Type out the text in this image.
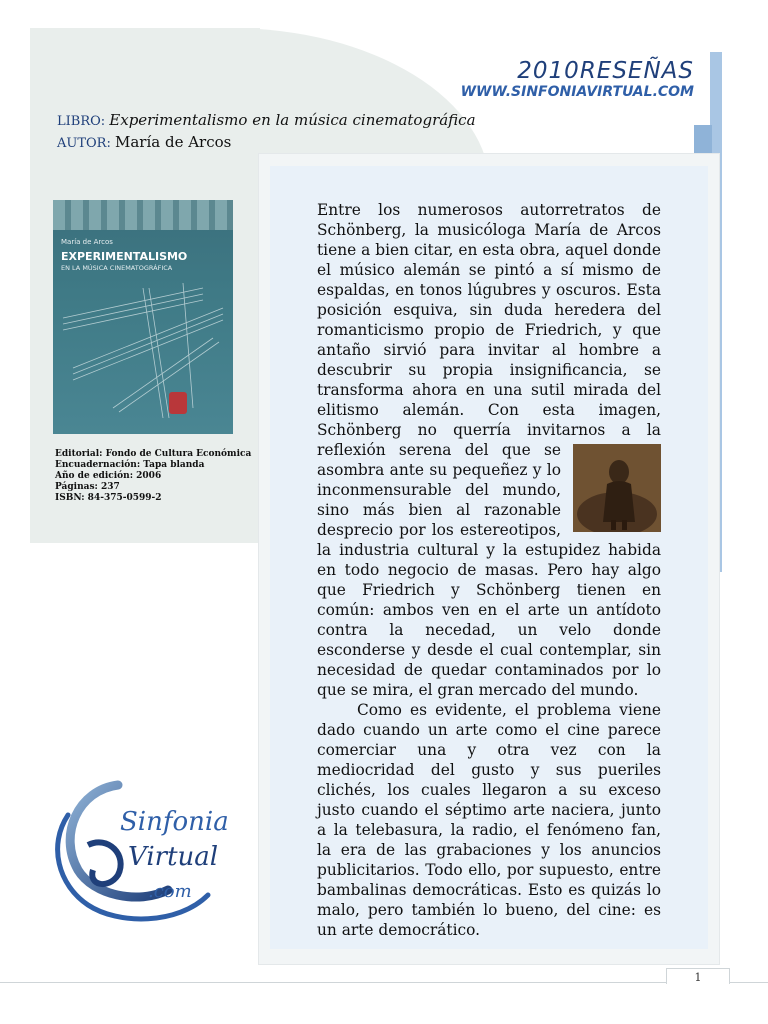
2010RESEÑAS
WWW.SINFONIAVIRTUAL.COM
LIBRO: Experimentalismo en la música cinematográfica
AUTOR: María de Arcos
María de Arcos
EXPERIMENTALISMO
EN LA MÚSICA CINEMATOGRÁFICA
Editorial: Fondo de Cultura Económica
Encuadernación: Tapa blanda
Año de edición: 2006
Páginas: 237
ISBN: 84-375-0599-2

Entre los numerosos autorretratos de Schönberg, la musicóloga María de Arcos tiene a bien citar, en esta obra, aquel donde el músico alemán se pintó a sí mismo de espaldas, en tonos lúgubres y oscuros. Esta posición esquiva, sin duda heredera del romanticismo propio de Friedrich, y que antaño sirvió para invitar al hombre a descubrir su propia insignificancia, se transforma ahora en una sutil mirada del elitismo alemán. Con esta imagen, Schönberg no querría invitarnos a la
reflexión serena del que se asombra ante su pequeñez y lo inconmensurable del mundo, sino más bien al razonable desprecio por los estereotipos, la industria cultural y la estupidez habida en todo negocio de masas. Pero hay algo que Friedrich y Schönberg tienen en común: ambos ven en el arte un antídoto contra la necedad, un velo donde esconderse y desde el cual contemplar, sin necesidad de quedar contaminados por lo que se mira, el gran mercado del mundo.

Como es evidente, el problema viene dado cuando un arte como el cine parece comerciar una y otra vez con la mediocridad del gusto y sus pueriles clichés, los cuales llegaron a su exceso justo cuando el séptimo arte naciera, junto a la telebasura, la radio, el fenómeno fan, la era de las grabaciones y los anuncios publicitarios. Todo ello, por supuesto, entre bambalinas democráticas. Esto es quizás lo malo, pero también lo bueno, del cine: es un arte democrático.

Sinfonia
Virtual
.com
1
